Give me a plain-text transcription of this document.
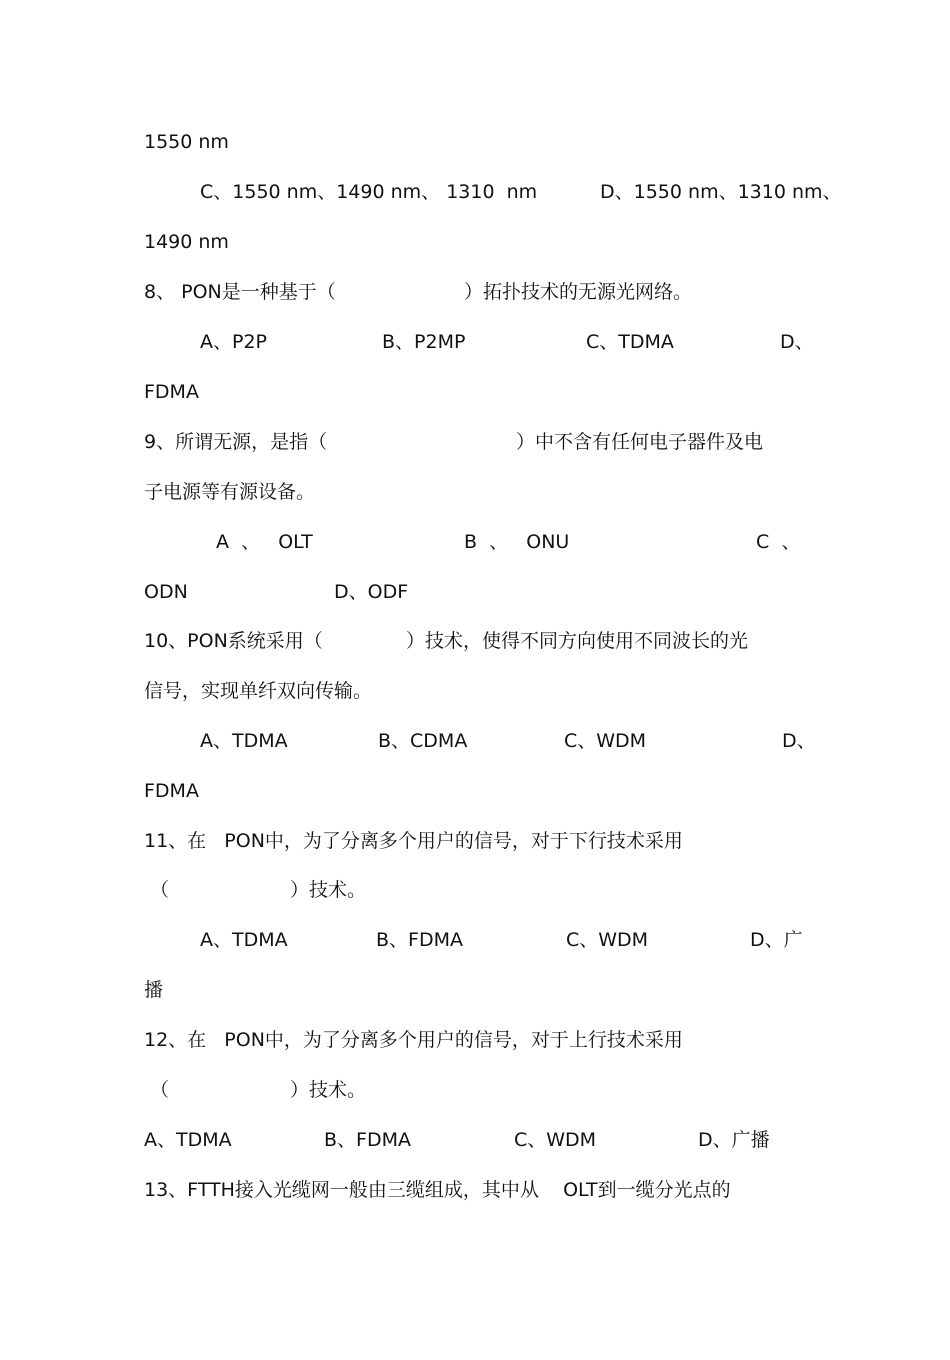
1550 nm

C、1550 nm、1490 nm、 1310  nm

	D、1550 nm、1310 nm、

1490 nm

8、 PON是一种基于（

	）拓扑技术的无源光网络。

A、P2P

	B、P2MP

	C、TDMA

	D、

FDMA

9、所谓无源，是指（

	）中不含有任何电子器件及电

子电源等有源设备。

A  、   OLT

	B  、   ONU

	C  、

ODN

	D、ODF

10、PON系统采用（

	）技术，使得不同方向使用不同波长的光

信号，实现单纤双向传输。

A、TDMA

	B、CDMA

	C、WDM

	D、

FDMA

11、在   PON中，为了分离多个用户的信号，对于下行技术采用

（

	）技术。

A、TDMA

	B、FDMA

	C、WDM

	D、广

播

12、在   PON中，为了分离多个用户的信号，对于上行技术采用

（

	）技术。

A、TDMA

	B、FDMA

	C、WDM

	D、广播

13、FTTH接入光缆网一般由三缆组成，其中从    OLT到一缆分光点的
